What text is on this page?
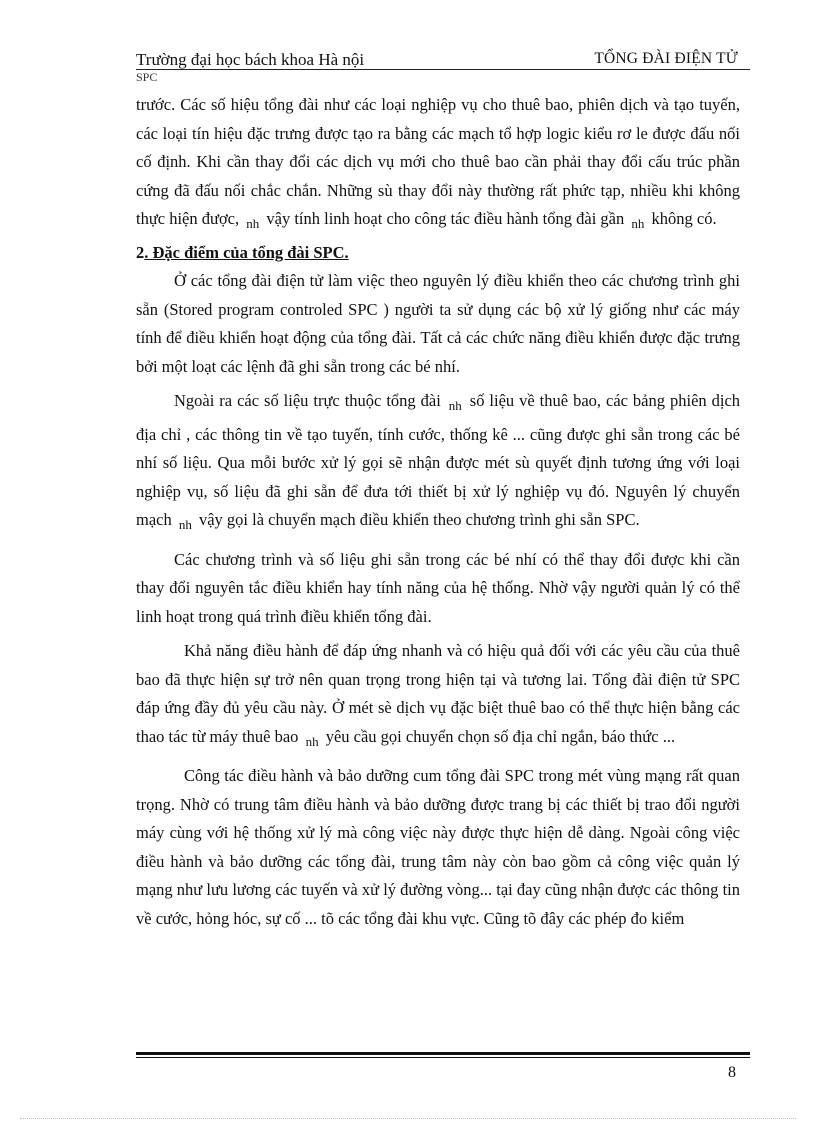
Trường đại học bách khoa Hà nội	TỔNG ĐÀI ĐIỆN TỬ
SPC

trước. Các số hiệu tổng đài như các loại nghiệp vụ cho thuê bao, phiên dịch và tạo tuyến, các loại tín hiệu đặc trưng được tạo ra bằng các mạch tổ hợp logic kiểu rơ le được đấu nối cố định. Khi cần thay đổi các dịch vụ mới cho thuê bao cần phải thay đổi cấu trúc phần cứng đã đấu nối chắc chắn. Những sù thay đổi này thường rất phức tạp, nhiều khi không thực hiện được, $_{nh}$ vậy tính linh hoạt cho công tác điều hành tổng đài gần $_{nh}$ không có.

2. Đặc điểm của tổng đài SPC.

Ở các tổng đài điện tử làm việc theo nguyên lý điều khiển theo các chương trình ghi sẵn (Stored program controled SPC ) người ta sử dụng các bộ xử lý giống như các máy tính để điều khiển hoạt động của tổng đài. Tất cả các chức năng điều khiển được đặc trưng bởi một loạt các lệnh đã ghi sẵn trong các bé nhí.

Ngoài ra các số liệu trực thuộc tổng đài $_{nh}$ số liệu về thuê bao, các bảng phiên dịch địa chỉ , các thông tin về tạo tuyến, tính cước, thống kê ... cũng được ghi sẵn trong các bé nhí số liệu. Qua mỗi bước xử lý gọi sẽ nhận được mét sù quyết định tương ứng với loại nghiệp vụ, số liệu đã ghi sẵn để đưa tới thiết bị xử lý nghiệp vụ đó. Nguyên lý chuyển mạch $_{nh}$ vậy gọi là chuyển mạch điều khiển theo chương trình ghi sẵn SPC.

Các chương trình và số liệu ghi sẵn trong các bé nhí có thể thay đổi được khi cần thay đổi nguyên tắc điều khiển hay tính năng của hệ thống. Nhờ vậy người quản lý có thể linh hoạt trong quá trình điều khiển tổng đài.

Khả năng điều hành để đáp ứng nhanh và có hiệu quả đối với các yêu cầu của thuê bao đã thực hiện sự trở nên quan trọng trong hiện tại và tương lai. Tổng đài điện tử SPC đáp ứng đầy đủ yêu cầu này. Ở mét sè dịch vụ đặc biệt thuê bao có thể thực hiện bằng các thao tác từ máy thuê bao $_{nh}$ yêu cầu gọi chuyển chọn số địa chỉ ngắn, báo thức ...

Công tác điều hành và bảo dưỡng cum tổng đài SPC trong mét vùng mạng rất quan trọng. Nhờ có trung tâm điều hành và bảo dưỡng được trang bị các thiết bị trao đổi người máy cùng với hệ thống xử lý mà công việc này được thực hiện dễ dàng. Ngoài công việc điều hành và bảo dưỡng các tổng đài, trung tâm này còn bao gồm cả công việc quản lý mạng như lưu lương các tuyến và xử lý đường vòng... tại đay cũng nhận được các thông tin về cước, hỏng hóc, sự cố ... tõ các tổng đài khu vực. Cũng tõ đây các phép đo kiểm

8
